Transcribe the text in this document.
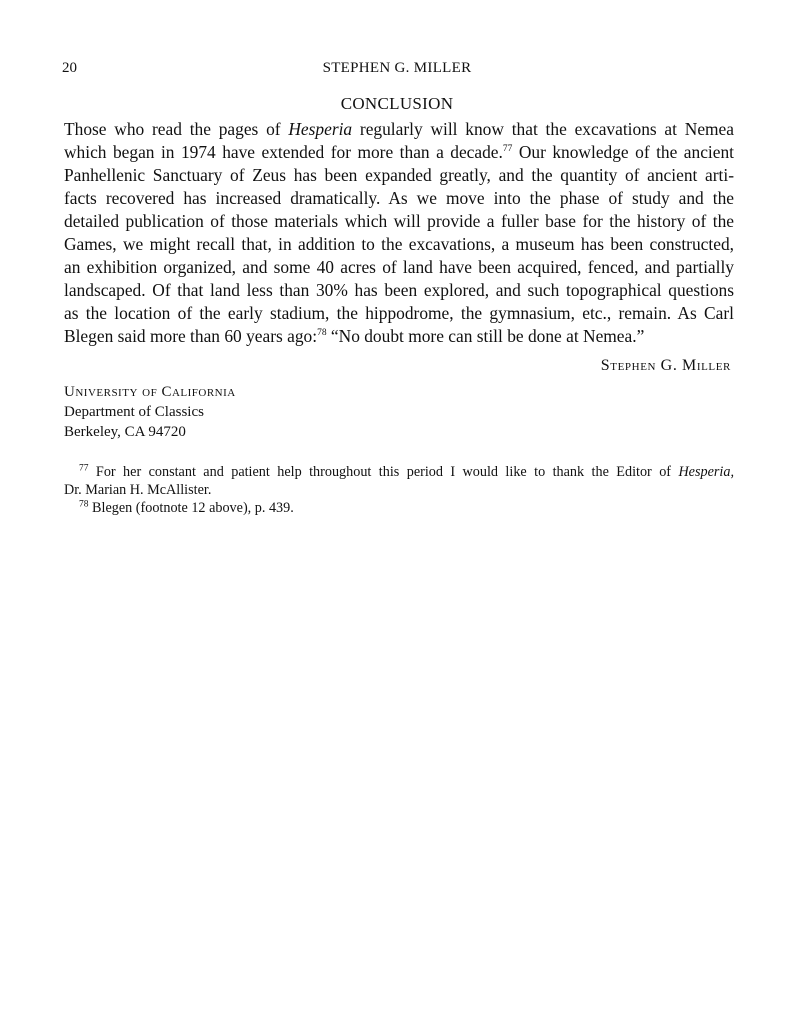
20	STEPHEN G. MILLER
CONCLUSION
Those who read the pages of Hesperia regularly will know that the excavations at Nemea
which began in 1974 have extended for more than a decade.$^{77}$ Our knowledge of the ancient
Panhellenic Sanctuary of Zeus has been expanded greatly, and the quantity of ancient arti-
facts recovered has increased dramatically. As we move into the phase of study and the
detailed publication of those materials which will provide a fuller base for the history of the
Games, we might recall that, in addition to the excavations, a museum has been constructed,
an exhibition organized, and some 40 acres of land have been acquired, fenced, and partially
landscaped. Of that land less than 30% has been explored, and such topographical questions
as the location of the early stadium, the hippodrome, the gymnasium, etc., remain. As Carl
Blegen said more than 60 years ago:$^{78}$ “No doubt more can still be done at Nemea.”
Stephen G. Miller
University of California
Department of Classics
Berkeley, CA 94720
$^{77}$ For her constant and patient help throughout this period I would like to thank the Editor of Hesperia,
Dr. Marian H. McAllister.
$^{78}$ Blegen (footnote 12 above), p. 439.
